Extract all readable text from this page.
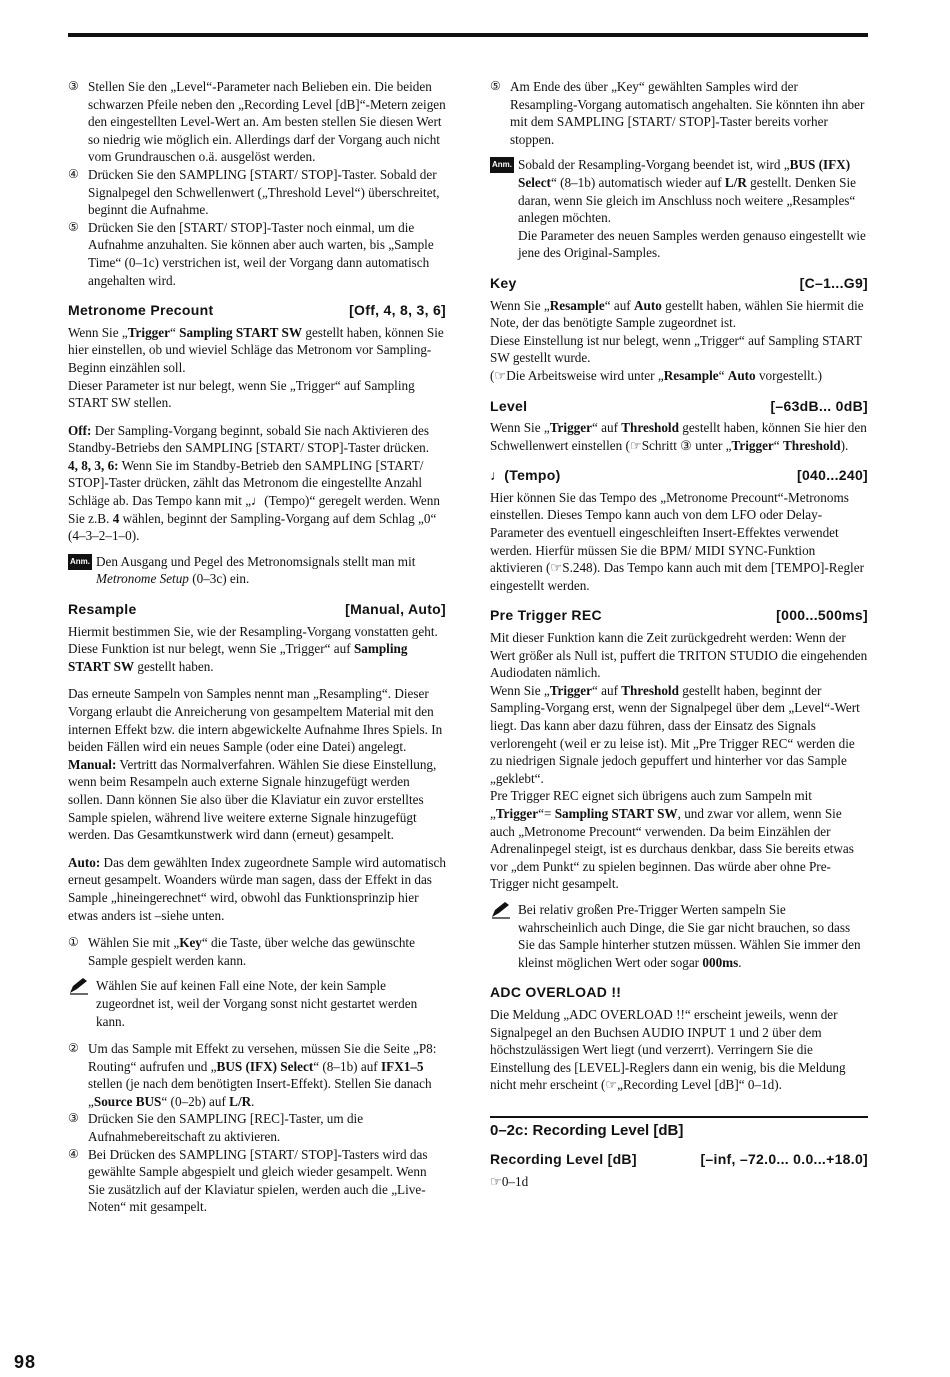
③ Stellen Sie den „Level“-Parameter nach Belieben ein. Die beiden schwarzen Pfeile neben den „Recording Level [dB]“-Metern zeigen den eingestellten Level-Wert an. Am besten stellen Sie diesen Wert so niedrig wie möglich ein. Allerdings darf der Vorgang auch nicht vom Grundrauschen o.ä. ausgelöst werden.

④ Drücken Sie den SAMPLING [START/ STOP]-Taster. Sobald der Signalpegel den Schwellenwert („Threshold Level“) überschreitet, beginnt die Aufnahme.

⑤ Drücken Sie den [START/ STOP]-Taster noch einmal, um die Aufnahme anzuhalten. Sie können aber auch warten, bis „Sample Time“ (0–1c) verstrichen ist, weil der Vorgang dann automatisch angehalten wird.

Metronome Precount	[Off, 4, 8, 3, 6]

Wenn Sie „Trigger“ Sampling START SW gestellt haben, können Sie hier einstellen, ob und wieviel Schläge das Metronom vor Sampling-Beginn einzählen soll.

Dieser Parameter ist nur belegt, wenn Sie „Trigger“ auf Sampling START SW stellen.

Off: Der Sampling-Vorgang beginnt, sobald Sie nach Aktivieren des Standby-Betriebs den SAMPLING [START/ STOP]-Taster drücken.

4, 8, 3, 6: Wenn Sie im Standby-Betrieb den SAMPLING [START/ STOP]-Taster drücken, zählt das Metronom die eingestellte Anzahl Schläge ab. Das Tempo kann mit „♩(Tempo)“ geregelt werden. Wenn Sie z.B. 4 wählen, beginnt der Sampling-Vorgang auf dem Schlag „0“ (4–3–2–1–0).

Anm. Den Ausgang und Pegel des Metronomsignals stellt man mit Metronome Setup (0–3c) ein.

Resample	[Manual, Auto]

Hiermit bestimmen Sie, wie der Resampling-Vorgang vonstatten geht.

Diese Funktion ist nur belegt, wenn Sie „Trigger“ auf Sampling START SW gestellt haben.

Das erneute Sampeln von Samples nennt man „Resampling“. Dieser Vorgang erlaubt die Anreicherung von gesampeltem Material mit den internen Effekt bzw. die intern abgewickelte Aufnahme Ihres Spiels. In beiden Fällen wird ein neues Sample (oder eine Datei) angelegt.

Manual: Vertritt das Normalverfahren. Wählen Sie diese Einstellung, wenn beim Resampeln auch externe Signale hinzugefügt werden sollen. Dann können Sie also über die Klaviatur ein zuvor erstelltes Sample spielen, während live weitere externe Signale hinzugefügt werden. Das Gesamtkunstwerk wird dann (erneut) gesampelt.

Auto: Das dem gewählten Index zugeordnete Sample wird automatisch erneut gesampelt. Woanders würde man sagen, dass der Effekt in das Sample „hineingerechnet“ wird, obwohl das Funktionsprinzip hier etwas anders ist –siehe unten.

① Wählen Sie mit „Key“ die Taste, über welche das gewünschte Sample gespielt werden kann.

Wählen Sie auf keinen Fall eine Note, der kein Sample zugeordnet ist, weil der Vorgang sonst nicht gestartet werden kann.

② Um das Sample mit Effekt zu versehen, müssen Sie die Seite „P8: Routing“ aufrufen und „BUS (IFX) Select“ (8–1b) auf IFX1–5 stellen (je nach dem benötigten Insert-Effekt). Stellen Sie danach „Source BUS“ (0–2b) auf L/R.

③ Drücken Sie den SAMPLING [REC]-Taster, um die Aufnahmebereitschaft zu aktivieren.

④ Bei Drücken des SAMPLING [START/ STOP]-Tasters wird das gewählte Sample abgespielt und gleich wieder gesampelt. Wenn Sie zusätzlich auf der Klaviatur spielen, werden auch die „Live-Noten“ mit gesampelt.

⑤ Am Ende des über „Key“ gewählten Samples wird der Resampling-Vorgang automatisch angehalten. Sie könnten ihn aber mit dem SAMPLING [START/ STOP]-Taster bereits vorher stoppen.

Anm. Sobald der Resampling-Vorgang beendet ist, wird „BUS (IFX) Select“ (8–1b) automatisch wieder auf L/R gestellt. Denken Sie daran, wenn Sie gleich im Anschluss noch weitere „Resamples“ anlegen möchten.

Die Parameter des neuen Samples werden genauso eingestellt wie jene des Original-Samples.

Key	[C–1...G9]

Wenn Sie „Resample“ auf Auto gestellt haben, wählen Sie hiermit die Note, der das benötigte Sample zugeordnet ist.

Diese Einstellung ist nur belegt, wenn „Trigger“ auf Sampling START SW gestellt wurde.

(☞Die Arbeitsweise wird unter „Resample“ Auto vorgestellt.)

Level	[–63dB... 0dB]

Wenn Sie „Trigger“ auf Threshold gestellt haben, können Sie hier den Schwellenwert einstellen (☞Schritt ③ unter „Trigger“ Threshold).

♩(Tempo)	[040...240]

Hier können Sie das Tempo des „Metronome Precount“-Metronoms einstellen. Dieses Tempo kann auch von dem LFO oder Delay-Parameter des eventuell eingeschleiften Insert-Effektes verwendet werden. Hierfür müssen Sie die BPM/ MIDI SYNC-Funktion aktivieren (☞S.248). Das Tempo kann auch mit dem [TEMPO]-Regler eingestellt werden.

Pre Trigger REC	[000...500ms]

Mit dieser Funktion kann die Zeit zurückgedreht werden: Wenn der Wert größer als Null ist, puffert die TRITON STUDIO die eingehenden Audiodaten nämlich.

Wenn Sie „Trigger“ auf Threshold gestellt haben, beginnt der Sampling-Vorgang erst, wenn der Signalpegel über dem „Level“-Wert liegt. Das kann aber dazu führen, dass der Einsatz des Signals verlorengeht (weil er zu leise ist). Mit „Pre Trigger REC“ werden die zu niedrigen Signale jedoch gepuffert und hinterher vor das Sample „geklebt“.

Pre Trigger REC eignet sich übrigens auch zum Sampeln mit „Trigger“= Sampling START SW, und zwar vor allem, wenn Sie auch „Metronome Precount“ verwenden. Da beim Einzählen der Adrenalinpegel steigt, ist es durchaus denkbar, dass Sie bereits etwas vor „dem Punkt“ zu spielen beginnen. Das würde aber ohne Pre-Trigger nicht gesampelt.

Bei relativ großen Pre-Trigger Werten sampeln Sie wahrscheinlich auch Dinge, die Sie gar nicht brauchen, so dass Sie das Sample hinterher stutzen müssen. Wählen Sie immer den kleinst möglichen Wert oder sogar 000ms.

ADC OVERLOAD !!

Die Meldung „ADC OVERLOAD !!“ erscheint jeweils, wenn der Signalpegel an den Buchsen AUDIO INPUT 1 und 2 über dem höchstzulässigen Wert liegt (und verzerrt). Verringern Sie die Einstellung des [LEVEL]-Reglers dann ein wenig, bis die Meldung nicht mehr erscheint (☞„Recording Level [dB]“ 0–1d).

0–2c: Recording Level [dB]
Recording Level [dB]	[–inf, –72.0... 0.0...+18.0]

☞0–1d

98
